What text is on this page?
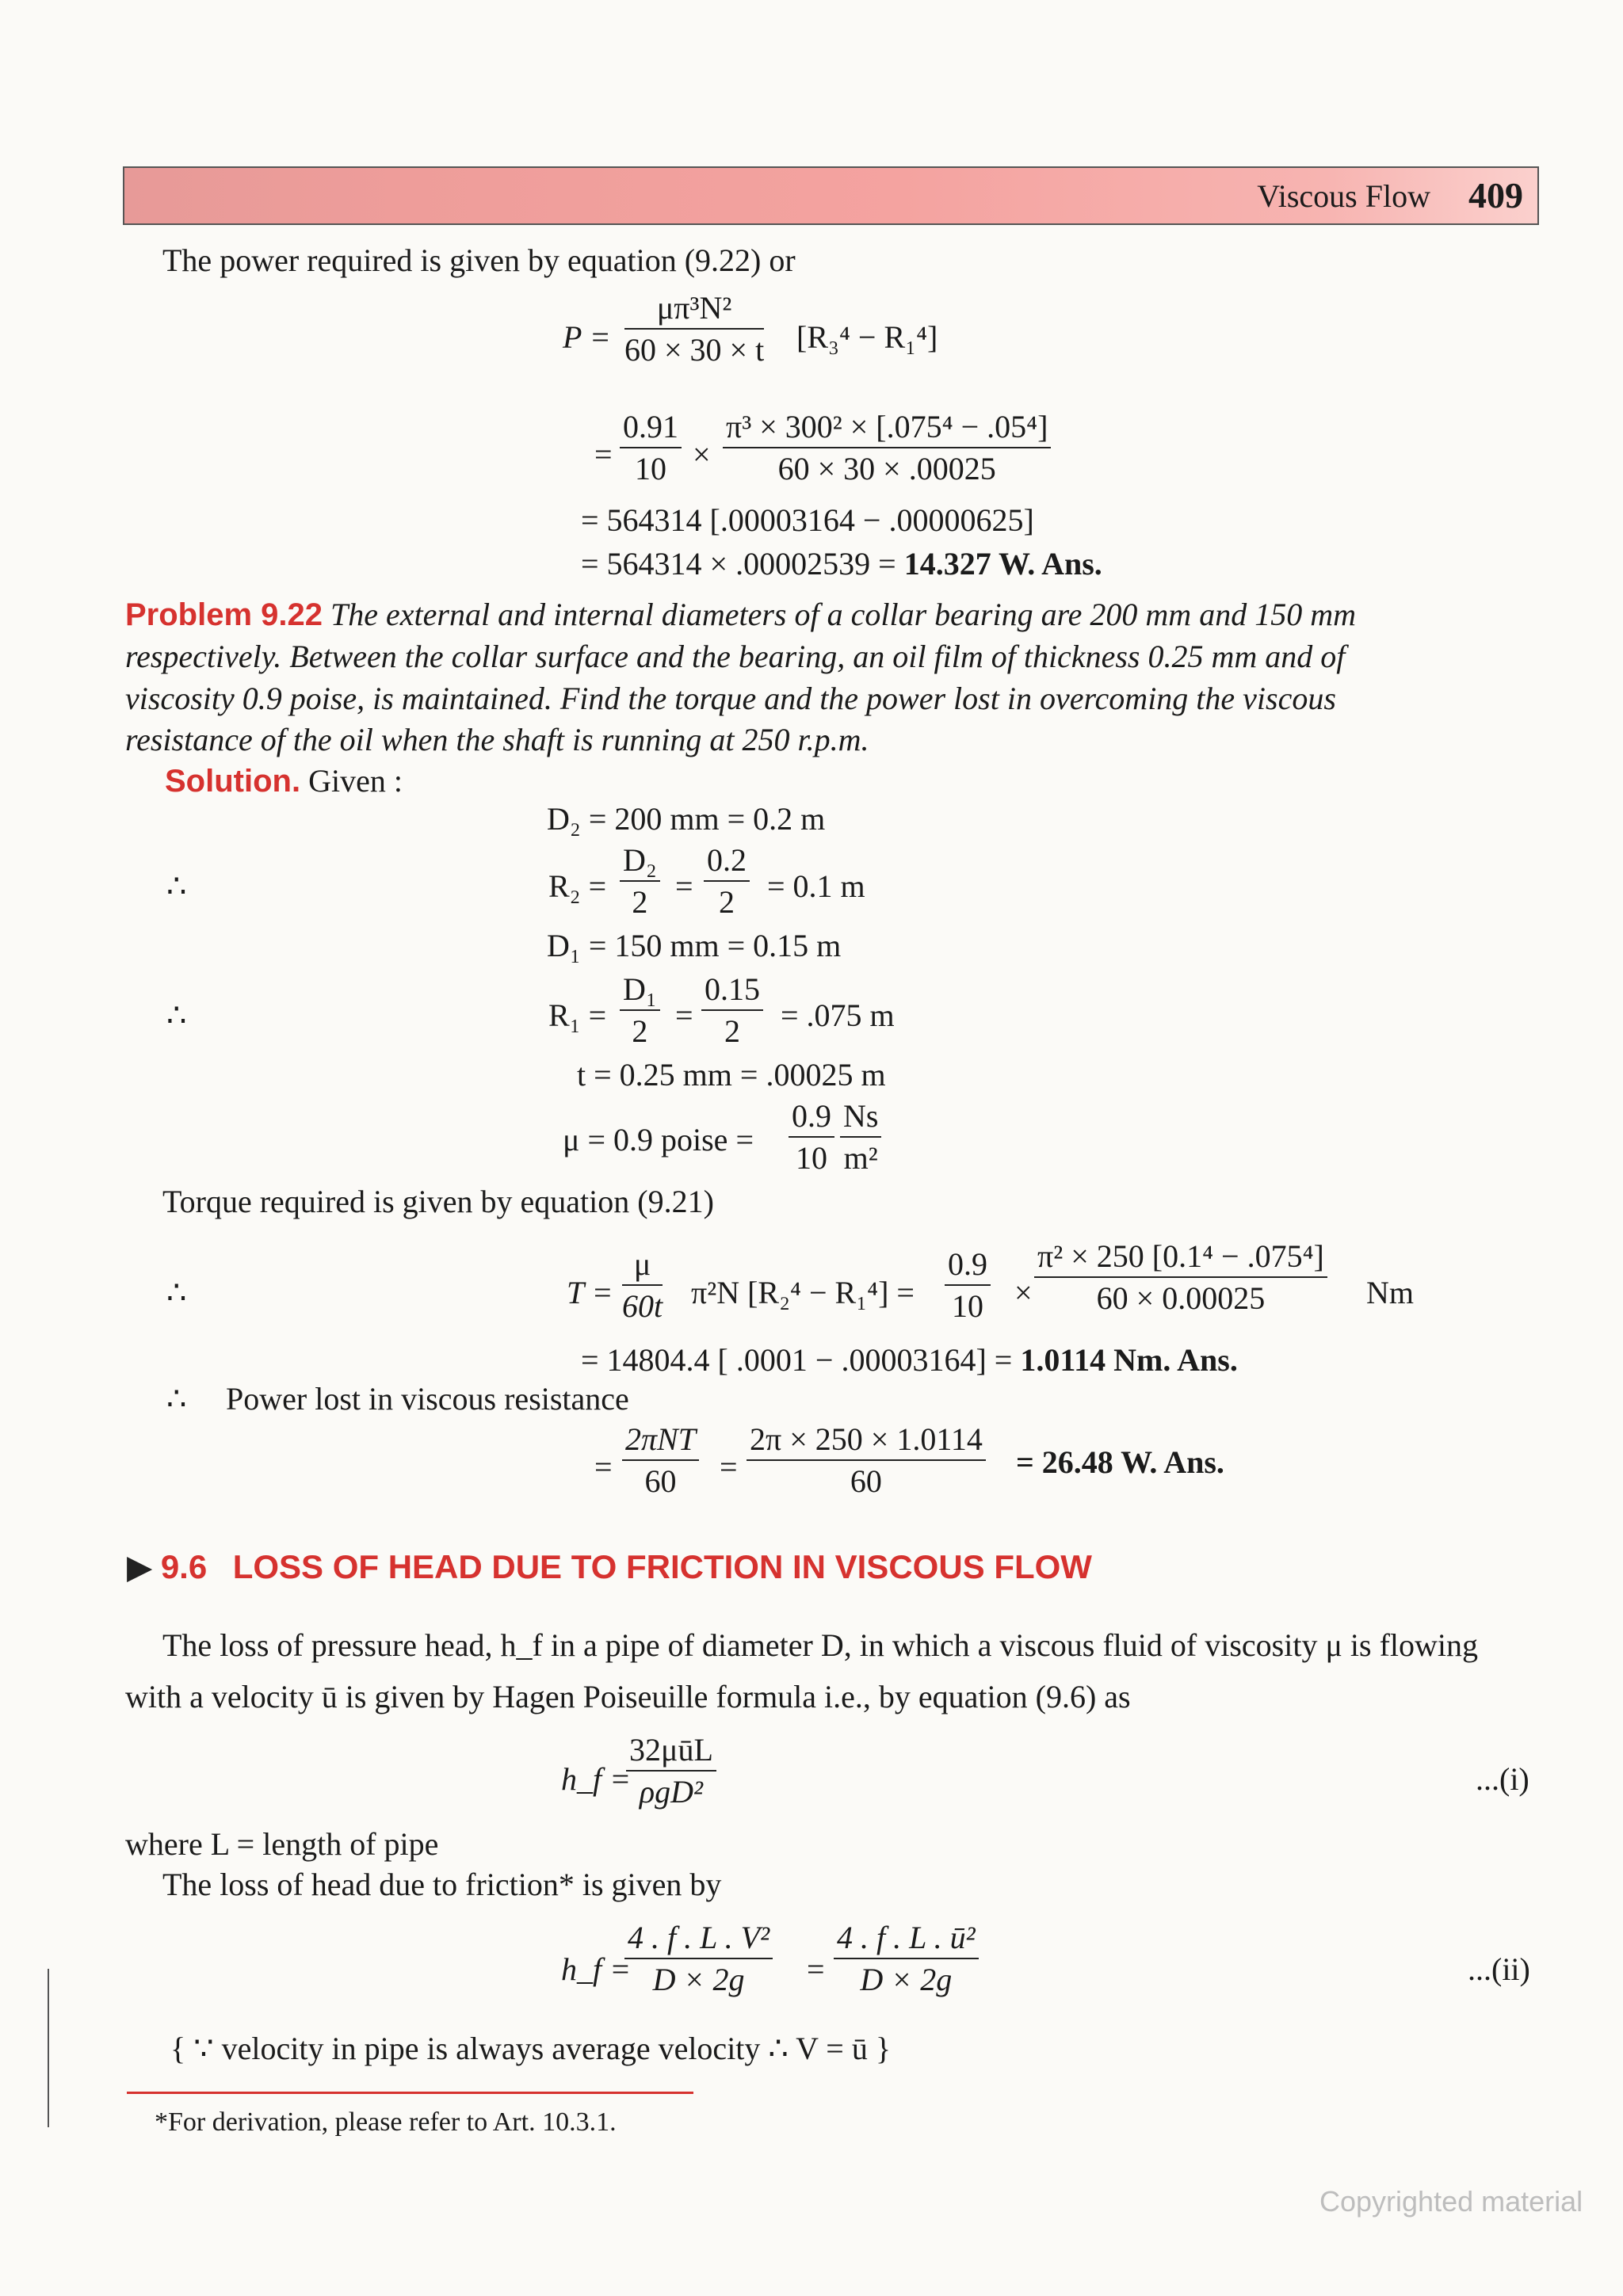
Viscous Flow 409
The power required is given by equation (9.22) or
$P = \frac{\text{μπ³N²}}{60 \times 30 \times t} [R_3^4 - R_1^4]$
= $\frac{0.91}{10} \times \frac{\text{π³ × 300² × [.075⁴ − .05⁴]}}{60 \times 30 \times .00025}$
= 564314 [.00003164 − .00000625]
= 564314 × .00002539 = 14.327 W. Ans.
Problem 9.22 The external and internal diameters of a collar bearing are 200 mm and 150 mm
respectively. Between the collar surface and the bearing, an oil film of thickness 0.25 mm and of
viscosity 0.9 poise, is maintained. Find the torque and the power lost in overcoming the viscous
resistance of the oil when the shaft is running at 250 r.p.m.
Solution. Given :
D₂ = 200 mm = 0.2 m
∴	$R_2 = \frac{\text{D₂}}{2} = \frac{0.2}{2} = 0.1$ m
D₁ = 150 mm = 0.15 m
∴	$R_1 = \frac{\text{D₁}}{2} = \frac{0.15}{2} = .075$ m
t = 0.25 mm = .00025 m
μ = 0.9 poise = $\frac{0.9}{10} \frac{Ns}{\text{m²}}$
Torque required is given by equation (9.21)
∴	$T = \frac{\mu}{60t} \pi^2N$ $[R_2^4 - R_1^4] = \frac{0.9}{10} \times \frac{\text{π² × 250 [0.1⁴ − .075⁴]}}{60 \times 0.00025}$ Nm
= 14804.4 [ .0001 − .00003164] = 1.0114 Nm. Ans.
∴ Power lost in viscous resistance
=
2πNT
60	= $\frac{2\pi \times 250 \times 1.0114}{60} = 26.48$ W. Ans.
▶ 9.6 LOSS OF HEAD DUE TO FRICTION IN VISCOUS FLOW
The loss of pressure head, h_f in a pipe of diameter D, in which a viscous fluid of viscosity μ is flowing
with a velocity ū is given by Hagen Poiseuille formula i.e., by equation (9.6) as
h_f =
32μūL
ρgD²	...(i)
where L = length of pipe
The loss of head due to friction* is given by
h_f =
$\frac{\text{4 . f . L . V²}}{D \times 2g} = \frac{\text{4 . f . L . ū²}}{D \times 2g}$	...(ii)
{ ∵ velocity in pipe is always average velocity ∴ V = ū }
*For derivation, please refer to Art. 10.3.1.
Copyrighted material
